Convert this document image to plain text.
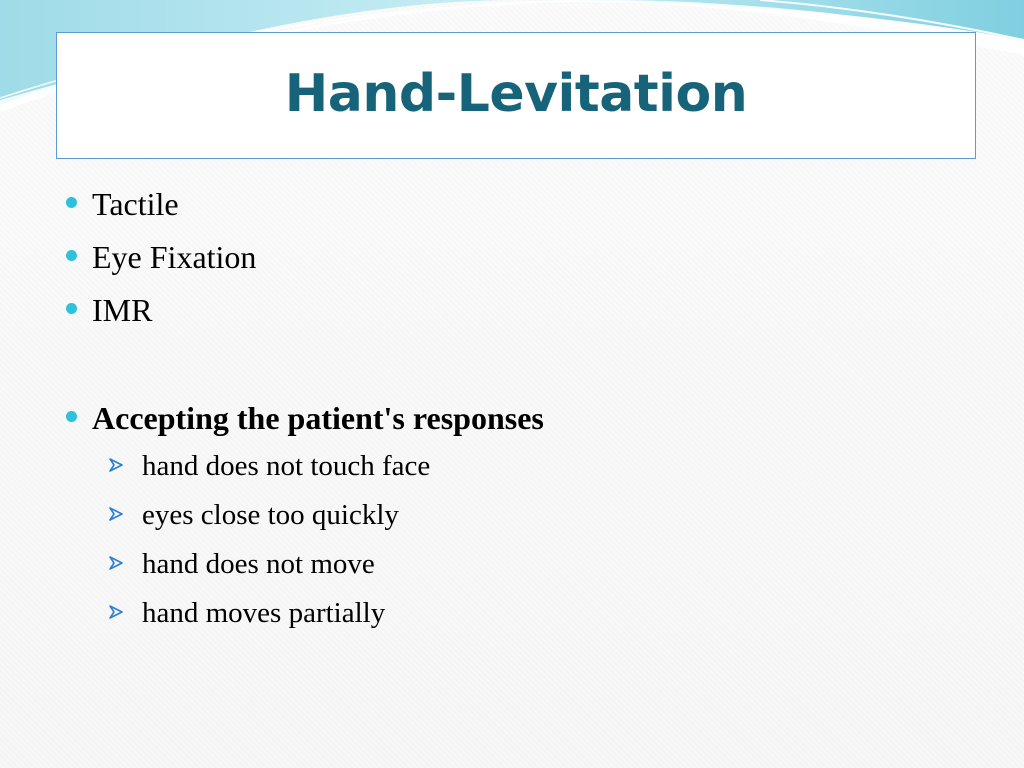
Hand-Levitation
Tactile
Eye Fixation
IMR
Accepting the patient's responses
hand does not touch face
eyes close too quickly
hand does not move
hand moves partially
